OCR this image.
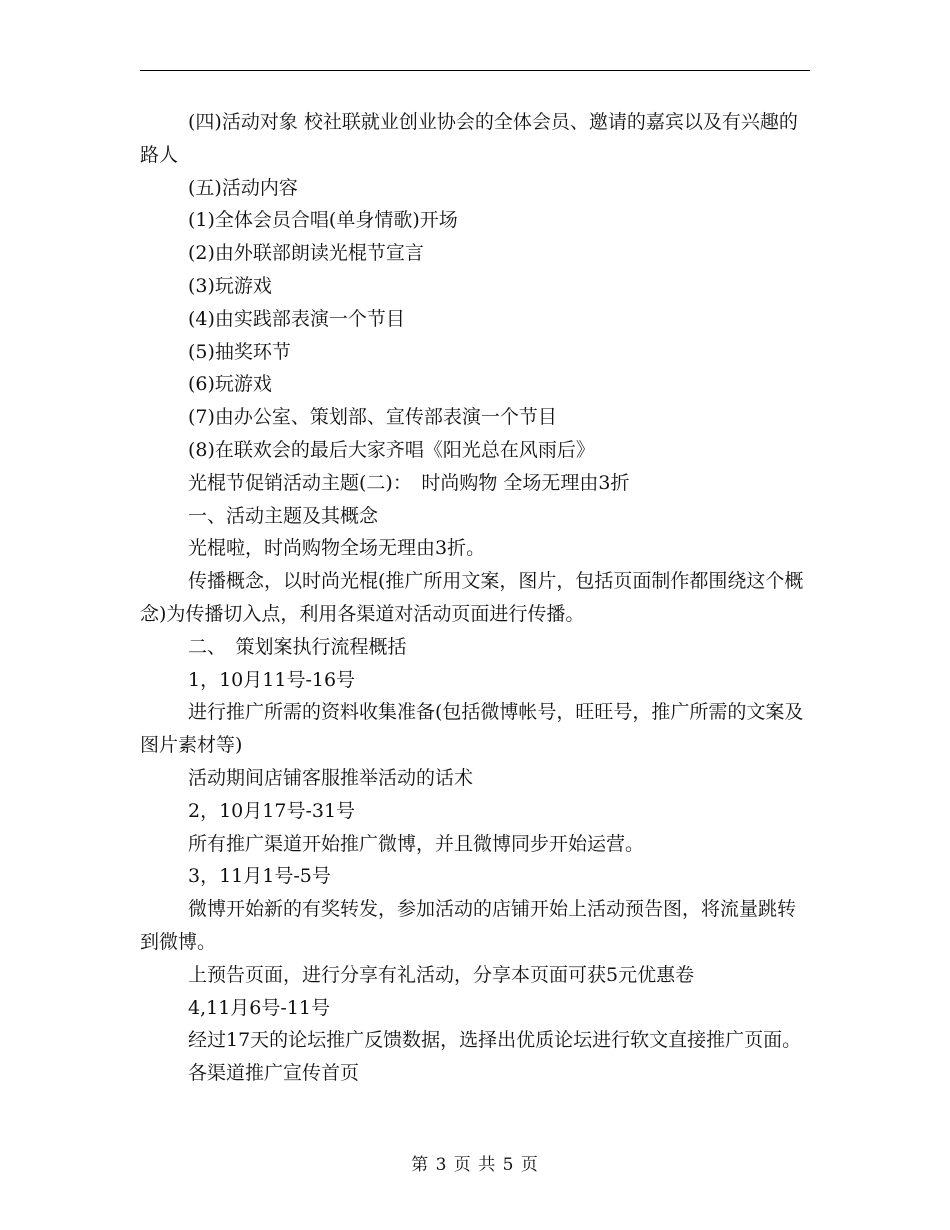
(四)活动对象 校社联就业创业协会的全体会员、邀请的嘉宾以及有兴趣的路人

(五)活动内容

(1)全体会员合唱(单身情歌)开场

(2)由外联部朗读光棍节宣言

(3)玩游戏

(4)由实践部表演一个节目

(5)抽奖环节

(6)玩游戏

(7)由办公室、策划部、宣传部表演一个节目

(8)在联欢会的最后大家齐唱《阳光总在风雨后》

光棍节促销活动主题(二)：　时尚购物 全场无理由3折

一、活动主题及其概念

光棍啦，时尚购物全场无理由3折。

传播概念，以时尚光棍(推广所用文案，图片，包括页面制作都围绕这个概念)为传播切入点，利用各渠道对活动页面进行传播。

二、　策划案执行流程概括

1，10月11号-16号

进行推广所需的资料收集准备(包括微博帐号，旺旺号，推广所需的文案及图片素材等)

活动期间店铺客服推举活动的话术

2，10月17号-31号

所有推广渠道开始推广微博，并且微博同步开始运营。

3，11月1号-5号

微博开始新的有奖转发，参加活动的店铺开始上活动预告图，将流量跳转到微博。

上预告页面，进行分享有礼活动，分享本页面可获5元优惠卷

4,11月6号-11号

经过17天的论坛推广反馈数据，选择出优质论坛进行软文直接推广页面。

各渠道推广宣传首页

第 3 页 共 5 页
